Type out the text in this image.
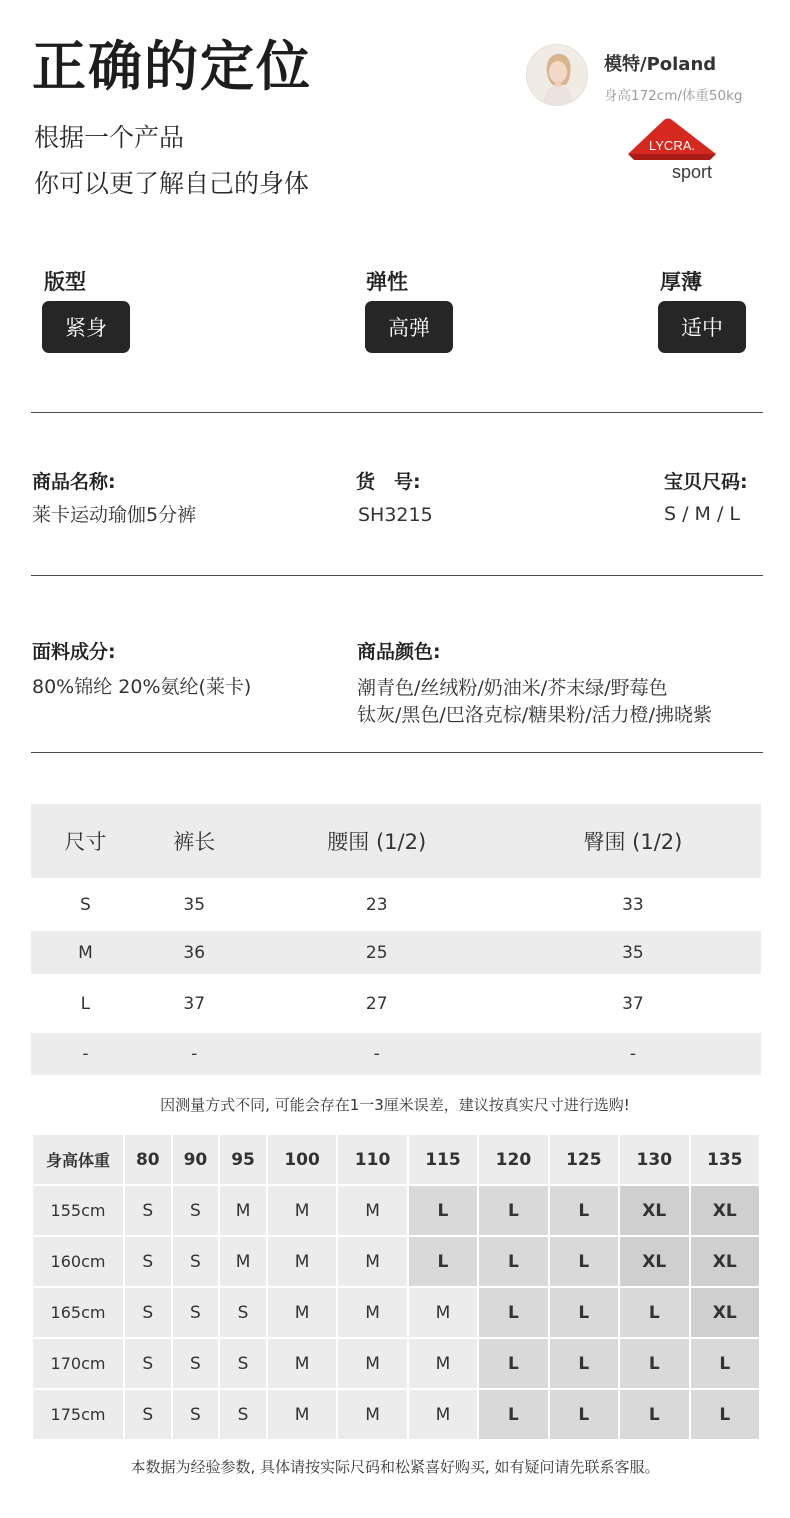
正确的定位
根据一个产品
你可以更了解自己的身体
模特/Poland
身高172cm/体重50kg
LYCRA.
sport
版型
紧身
弹性
高弹
厚薄
适中
商品名称:
莱卡运动瑜伽5分裤
货　号:
SH3215
宝贝尺码:
S / M / L
面料成分:
80%锦纶 20%氨纶(莱卡)
商品颜色:
潮青色/丝绒粉/奶油米/芥末绿/野莓色
钛灰/黑色/巴洛克棕/糖果粉/活力橙/拂晓紫
尺寸	裤长	腰围 (1/2)	臀围 (1/2)
S	35	23	33
M	36	25	35
L	37	27	37
-	-	-	-
因测量方式不同, 可能会存在1一3厘米误差，建议按真实尺寸进行选购!
身高体重	80	90	95	100	110	115	120	125	130	135
155cm	S	S	M	M	M	L	L	L	XL	XL
160cm	S	S	M	M	M	L	L	L	XL	XL
165cm	S	S	S	M	M	M	L	L	L	XL
170cm	S	S	S	M	M	M	L	L	L	L
175cm	S	S	S	M	M	M	L	L	L	L
本数据为经验参数, 具体请按实际尺码和松紧喜好购买, 如有疑问请先联系客服。
